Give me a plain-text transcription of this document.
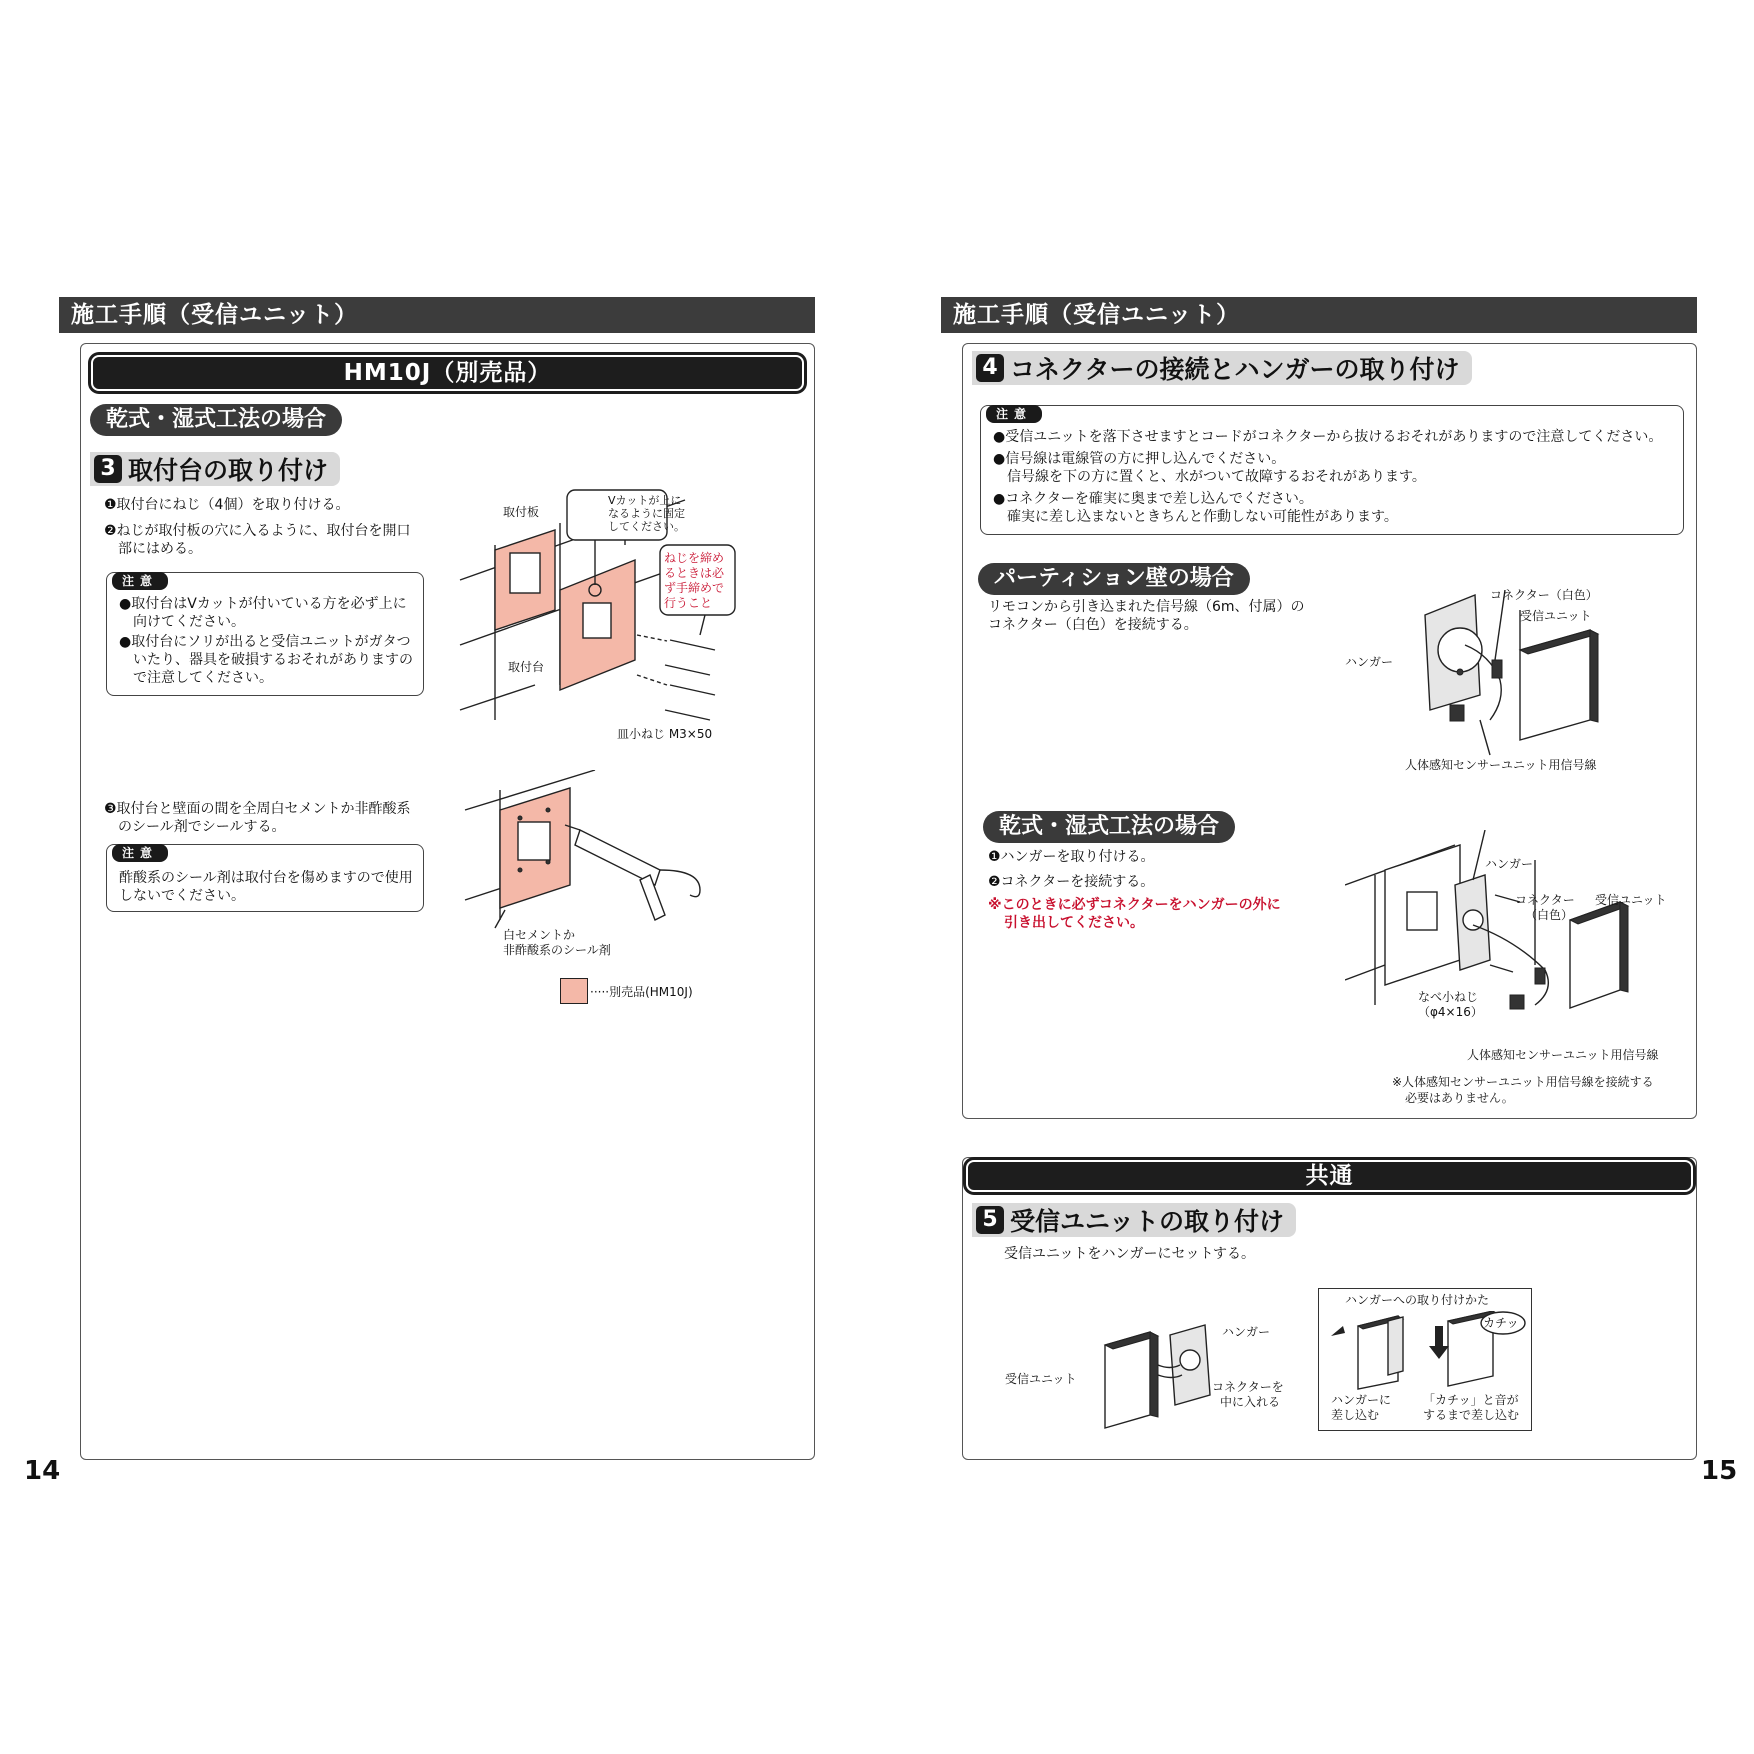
施工手順（受信ユニット）
HM10J（別売品）
乾式・湿式工法の場合
3 取付台の取り付け
❶取付台にねじ（4個）を取り付ける。
❷ねじが取付板の穴に入るように、取付台を開口
部にはめる。
注意
●取付台はVカットが付いている方を必ず上に
向けてください。
●取付台にソリが出ると受信ユニットがガタつ
いたり、器具を破損するおそれがありますの
で注意してください。
取付板
取付台
皿小ねじ M3×50
Vカットが上に
なるように固定
してください。
ねじを締め
るときは必
ず手締めで
行うこと
❸取付台と壁面の間を全周白セメントか非酢酸系
のシール剤でシールする。
注意
酢酸系のシール剤は取付台を傷めますので使用
しないでください。
白セメントか
非酢酸系のシール剤
·····別売品(HM10J)
14
施工手順（受信ユニット）
4 コネクターの接続とハンガーの取り付け
注意
●受信ユニットを落下させますとコードがコネクターから抜けるおそれがありますので注意してください。
●信号線は電線管の方に押し込んでください。
信号線を下の方に置くと、水がついて故障するおそれがあります。
●コネクターを確実に奥まで差し込んでください。
確実に差し込まないときちんと作動しない可能性があります。
パーティション壁の場合
リモコンから引き込まれた信号線（6m、付属）の
コネクター（白色）を接続する。
コネクター（白色）
受信ユニット
ハンガー
人体感知センサーユニット用信号線
乾式・湿式工法の場合
❶ハンガーを取り付ける。
❷コネクターを接続する。
※このときに必ずコネクターをハンガーの外に
引き出してください。
ハンガー
コネクター
（白色）
受信ユニット
なべ小ねじ
（φ4×16）
人体感知センサーユニット用信号線
※人体感知センサーユニット用信号線を接続する
必要はありません。
共通
5 受信ユニットの取り付け
受信ユニットをハンガーにセットする。
ハンガー
受信ユニット
コネクターを
中に入れる
ハンガーへの取り付けかた
カチッ
ハンガーに
差し込む
「カチッ」と音が
するまで差し込む
15
